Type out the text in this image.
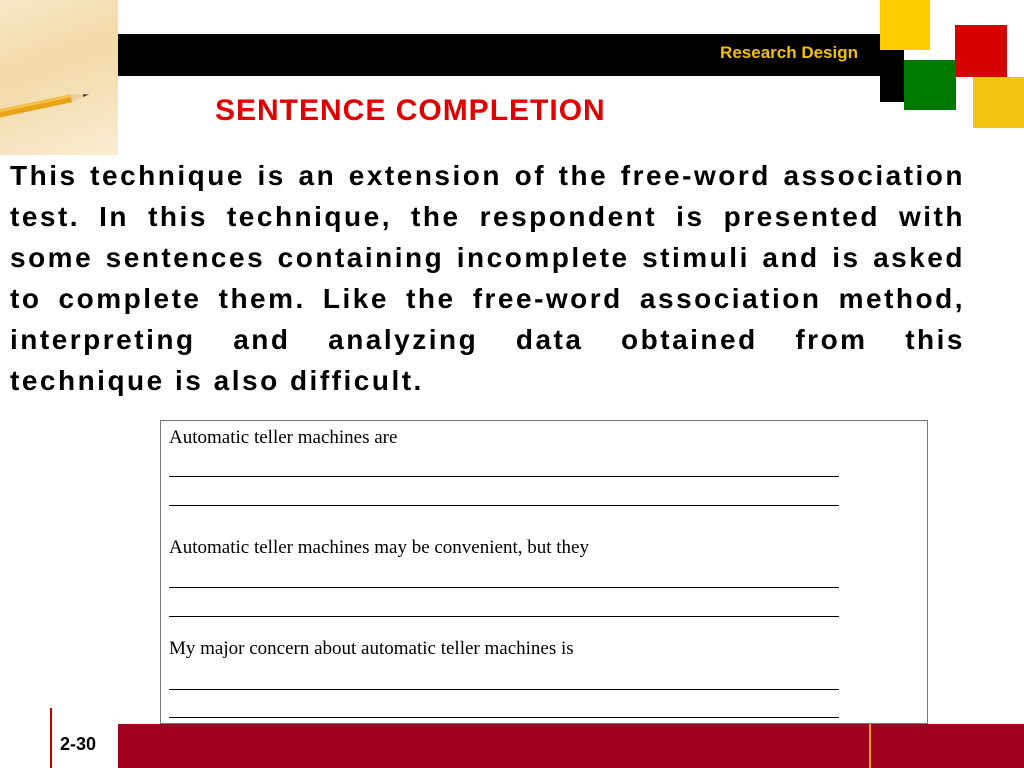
Research Design
SENTENCE COMPLETION
This technique is an extension of the free-word association test. In this technique, the respondent is presented with some sentences containing incomplete stimuli and is asked to complete them. Like the free-word association method, interpreting and analyzing data obtained from this technique is also difficult.
Automatic teller machines are
Automatic teller machines may be convenient, but they
My major concern about automatic teller machines is
2-30
